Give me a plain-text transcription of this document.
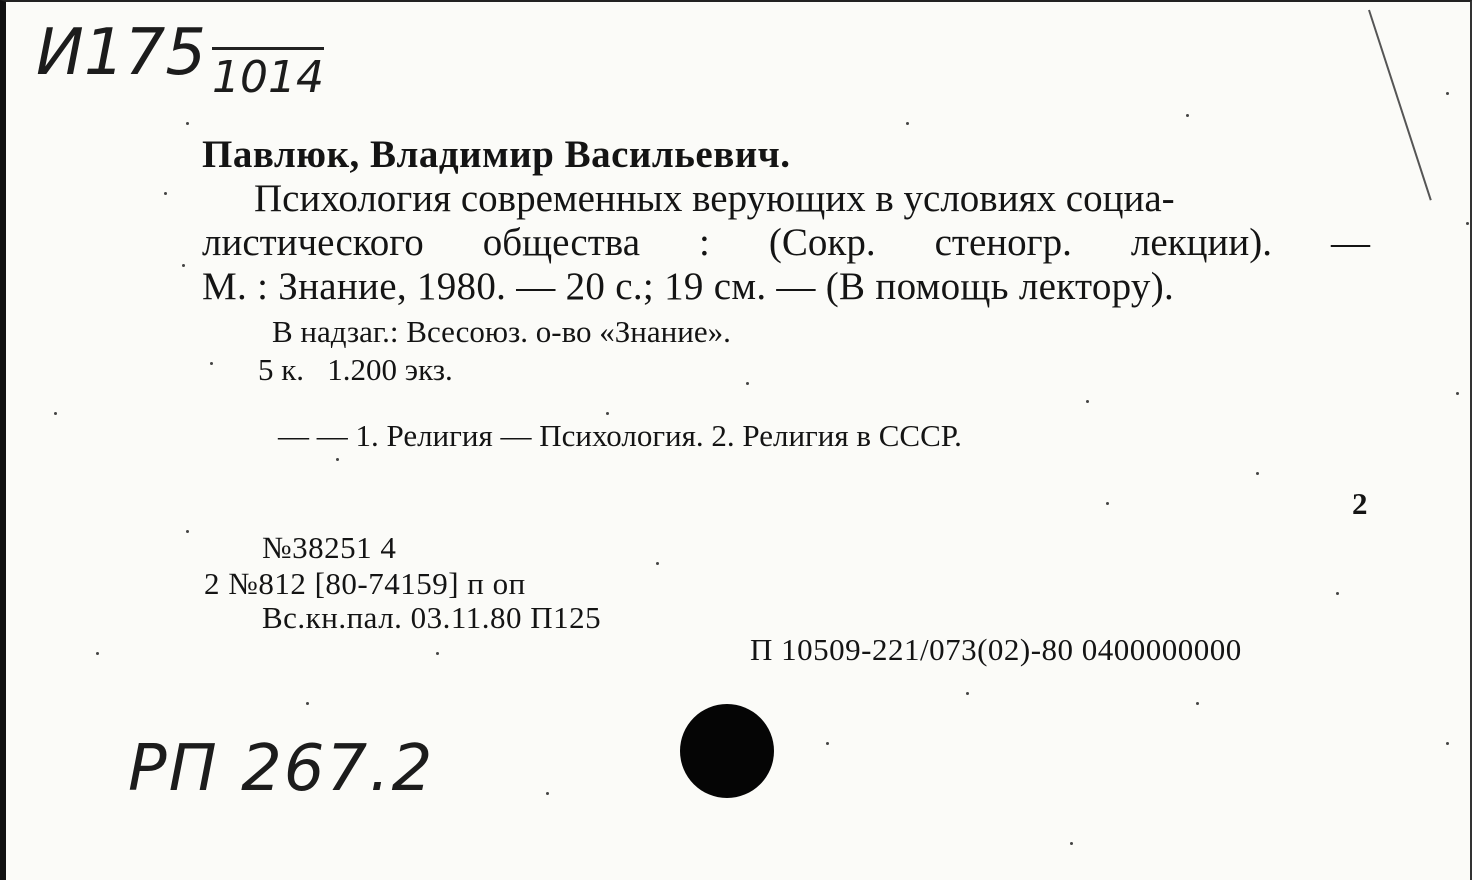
И175 $_{1014}$
Павлюк, Владимир Васильевич.
Психология современных верующих в условиях социа-
листического общества : (Сокр. стеногр. лекции). —
М. : Знание, 1980. — 20 с.; 19 см. — (В помощь лектору).
В надзаг.: Всесоюз. о-во «Знание».
5 к.   1.200 экз.
— — 1. Религия — Психология. 2. Религия в СССР.
2
№38251 4
2 №812 [80-74159] п оп
Вс.кн.пал. 03.11.80 П125
П 10509-221/073(02)-80 0400000000
РП 267.2
